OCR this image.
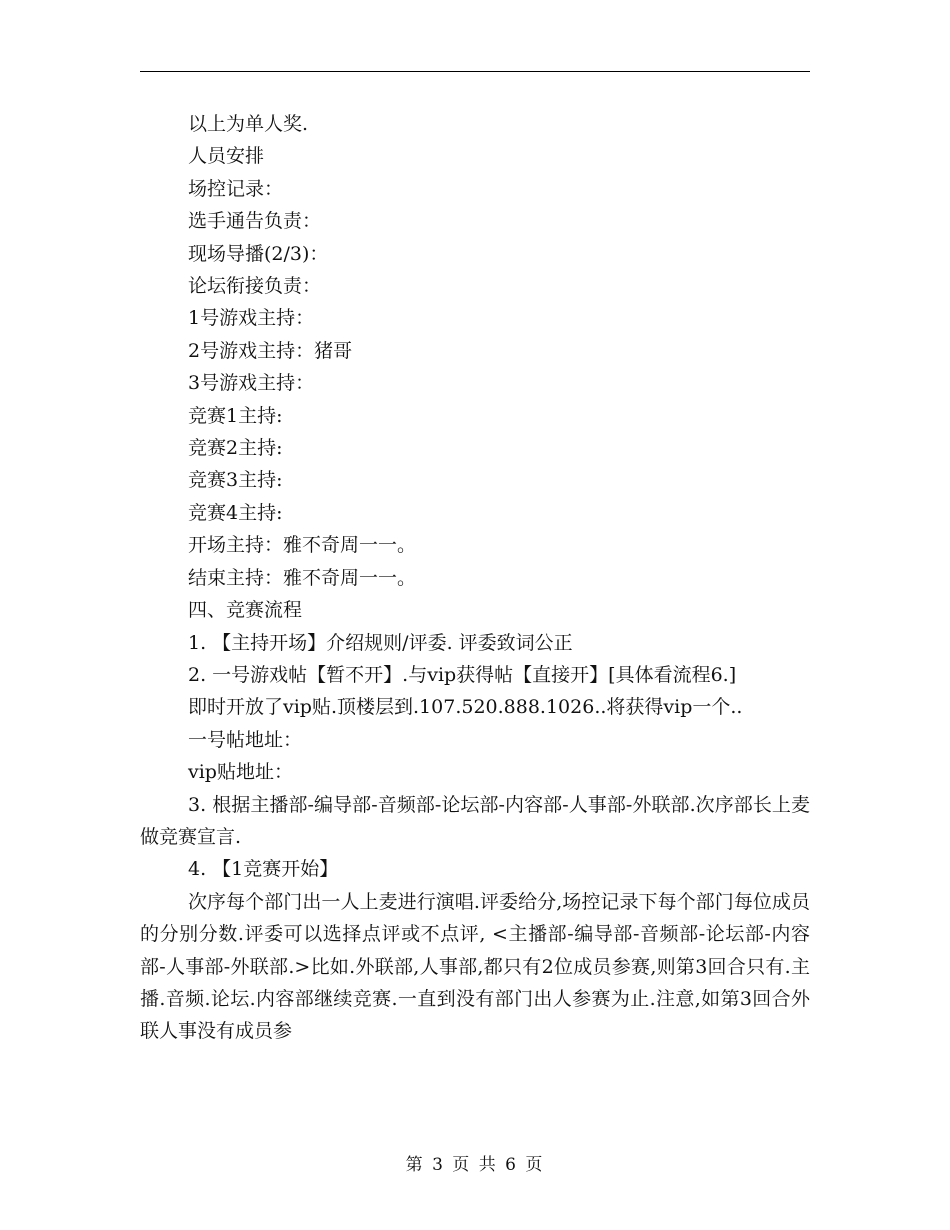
以上为单人奖.

人员安排

场控记录：

选手通告负责：

现场导播(2/3)：

论坛衔接负责：

1号游戏主持：

2号游戏主持：猪哥

3号游戏主持：

竞赛1主持:

竞赛2主持:

竞赛3主持:

竞赛4主持:

开场主持：雅不奇周一一。

结束主持：雅不奇周一一。

四、竞赛流程

1. 【主持开场】介绍规则/评委. 评委致词公正

2. 一号游戏帖【暂不开】.与vip获得帖【直接开】[具体看流程6.]

即时开放了vip贴.顶楼层到.107.520.888.1026..将获得vip一个..

一号帖地址：

vip贴地址：

3. 根据主播部-编导部-音频部-论坛部-内容部-人事部-外联部.次序部长上麦做竞赛宣言.

4. 【1竞赛开始】

次序每个部门出一人上麦进行演唱.评委给分,场控记录下每个部门每位成员的分别分数.评委可以选择点评或不点评, <主播部-编导部-音频部-论坛部-内容部-人事部-外联部.>比如.外联部,人事部,都只有2位成员参赛,则第3回合只有.主播.音频.论坛.内容部继续竞赛.一直到没有部门出人参赛为止.注意,如第3回合外联人事没有成员参

第 3 页 共 6 页
